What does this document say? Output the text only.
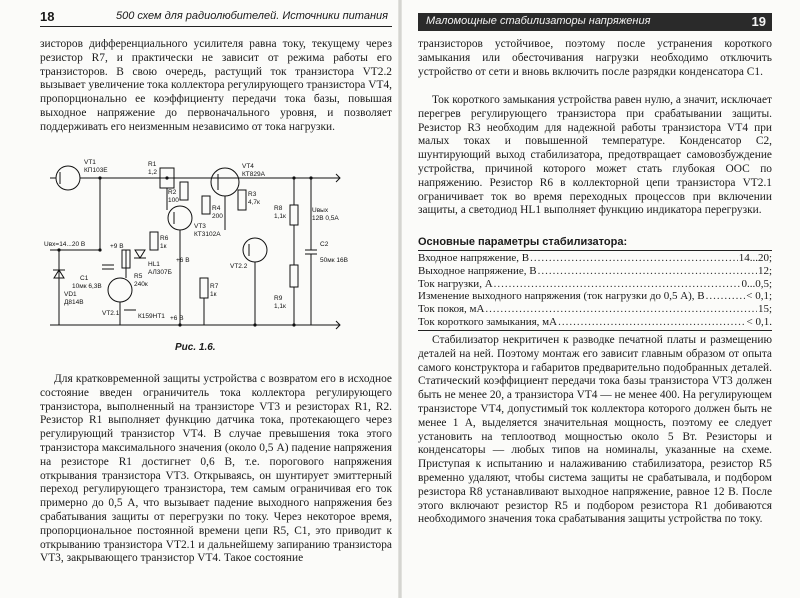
18	500 схем для радиолюбителей. Источники питания

зисторов дифференциального усилителя равна току, текущему через резистор R7, и практически не зависит от режима работы его транзисторов. В свою очередь, растущий ток транзистора VT2.2 вызывает увеличение тока коллектора регулирующего транзистора VT4, пропорционально ее коэффициенту передачи тока базы, повышая выходное напряжение до первоначального уровня, и позволяет поддерживать его неизменным независимо от тока нагрузки.

VT1
КП103Е
R1
1,2
R2
100
R3
4,7к
R4
200
VT4
КТ829А
VT3
КТ3102А
R5
240к
R6
1к
R7
1к
R8
1,1к
R9
1,1к
HL1
АЛ307Б
C1
10мк 6,3В
C2
50мк 16В
VD1
Д814В
VT2.1	К159НТ1
VT2.2
Uвх=14...20 В
Uвых
12В 0,5А
+9 В
+6 В
+6 В
Рис. 1.6.

Для кратковременной защиты устройства с возвратом его в исходное состояние введен ограничитель тока коллектора регулирующего транзистора, выполненный на транзисторе VT3 и резисторах R1, R2. Резистор R1 выполняет функцию датчика тока, протекающего через регулирующий транзистор VT4. В случае превышения тока этого транзистора максимального значения (около 0,5 А) падение напряжения на резисторе R1 достигнет 0,6 В, т.е. порогового напряжения открывания транзистора VT3. Открываясь, он шунтирует эмиттерный переход регулирующего транзистора, тем самым ограничивая его ток примерно до 0,5 А, что вызывает падение выходного напряжения без срабатывания защиты от перегрузки по току. Через некоторое время, пропорциональное постоянной времени цепи R5, C1, это приводит к открыванию транзистора VT2.1 и дальнейшему запиранию транзистора VT3, закрывающего транзистор VT4. Такое состояние

Маломощные стабилизаторы напряжения	19

транзисторов устойчивое, поэтому после устранения короткого замыкания или обесточивания нагрузки необходимо отключить устройство от сети и вновь включить после разрядки конденсатора C1.

Ток короткого замыкания устройства равен нулю, а значит, исключает перегрев регулирующего транзистора при срабатывании защиты. Резистор R3 необходим для надежной работы транзистора VT4 при малых токах и повышенной температуре. Конденсатор C2, шунтирующий выход стабилизатора, предотвращает самовозбуждение устройства, причиной которого может стать глубокая ООС по напряжению. Резистор R6 в коллекторной цепи транзистора VT2.1 ограничивает ток во время переходных процессов при включении защиты, а светодиод HL1 выполняет функцию индикатора перегрузки.

Основные параметры стабилизатора:
Входное напряжение, В .....	14...20;
Выходное напряжение, В .....	12;
Ток нагрузки, А .....	0...0,5;
Изменение выходного напряжения (ток нагрузки до 0,5 А), В .....	< 0,1;
Ток покоя, мА .....	15;
Ток короткого замыкания, мА .....	< 0,1.

Стабилизатор некритичен к разводке печатной платы и размещению деталей на ней. Поэтому монтаж его зависит главным образом от опыта самого конструктора и габаритов предварительно подобранных деталей. Статический коэффициент передачи тока базы транзистора VT3 должен быть не менее 20, а транзистора VT4 — не менее 400. На регулирующем транзисторе VT4, допустимый ток коллектора которого должен быть не менее 1 А, выделяется значительная мощность, поэтому ее следует установить на теплоотвод мощностью около 5 Вт. Резисторы и конденсаторы — любых типов на номиналы, указанные на схеме. Приступая к испытанию и налаживанию стабилизатора, резистор R5 временно удаляют, чтобы система защиты не срабатывала, и подбором резистора R8 устанавливают выходное напряжение, равное 12 В. После этого включают резистор R5 и подбором резистора R1 добиваются необходимого значения тока срабатывания защиты устройства по току.
